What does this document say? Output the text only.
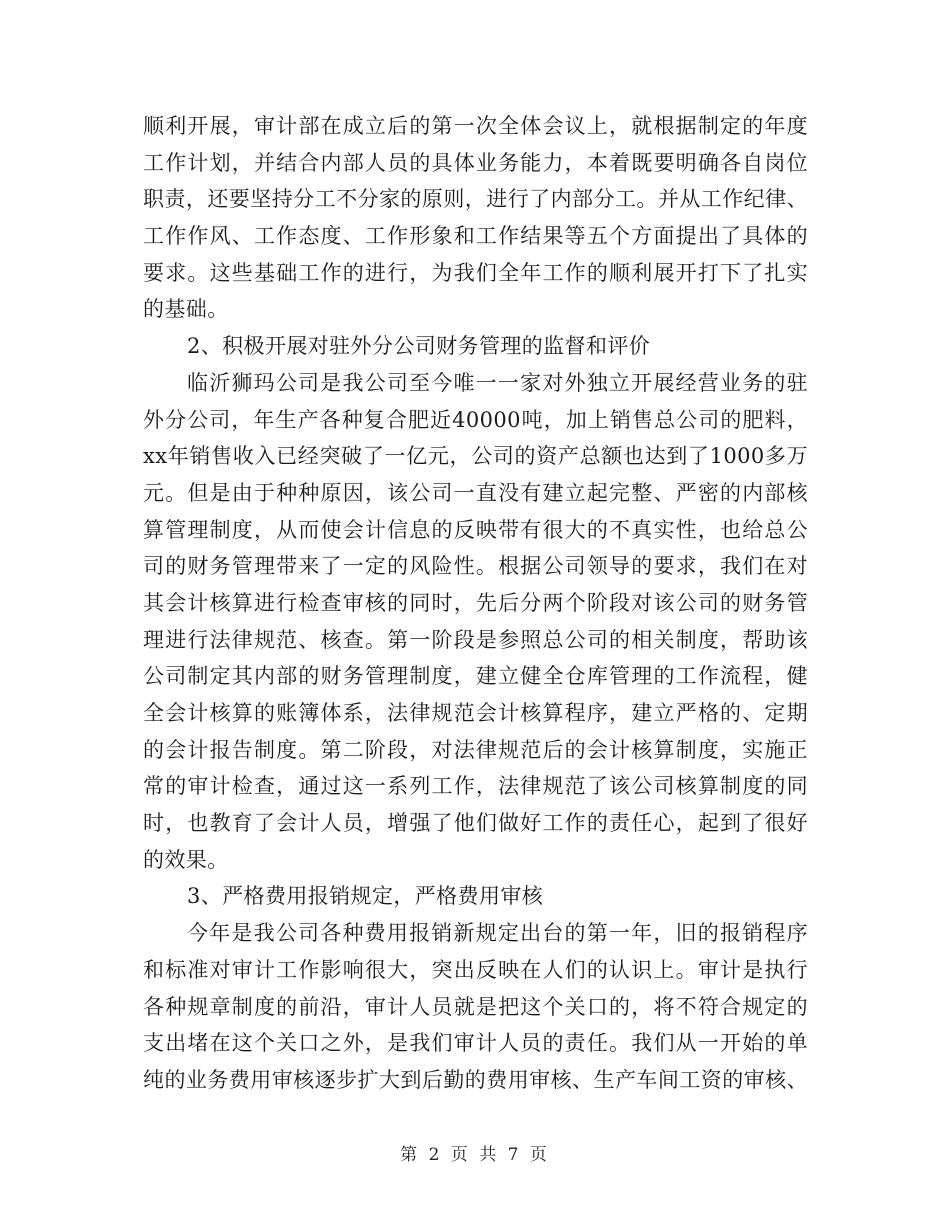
顺利开展，审计部在成立后的第一次全体会议上，就根据制定的年度
工作计划，并结合内部人员的具体业务能力，本着既要明确各自岗位
职责，还要坚持分工不分家的原则，进行了内部分工。并从工作纪律、
工作作风、工作态度、工作形象和工作结果等五个方面提出了具体的
要求。这些基础工作的进行，为我们全年工作的顺利展开打下了扎实
的基础。
2、积极开展对驻外分公司财务管理的监督和评价
临沂狮玛公司是我公司至今唯一一家对外独立开展经营业务的驻
外分公司，年生产各种复合肥近40000吨，加上销售总公司的肥料，
xx年销售收入已经突破了一亿元，公司的资产总额也达到了1000多万
元。但是由于种种原因，该公司一直没有建立起完整、严密的内部核
算管理制度，从而使会计信息的反映带有很大的不真实性，也给总公
司的财务管理带来了一定的风险性。根据公司领导的要求，我们在对
其会计核算进行检查审核的同时，先后分两个阶段对该公司的财务管
理进行法律规范、核查。第一阶段是参照总公司的相关制度，帮助该
公司制定其内部的财务管理制度，建立健全仓库管理的工作流程，健
全会计核算的账簿体系，法律规范会计核算程序，建立严格的、定期
的会计报告制度。第二阶段，对法律规范后的会计核算制度，实施正
常的审计检查，通过这一系列工作，法律规范了该公司核算制度的同
时，也教育了会计人员，增强了他们做好工作的责任心，起到了很好
的效果。
3、严格费用报销规定，严格费用审核
今年是我公司各种费用报销新规定出台的第一年，旧的报销程序
和标准对审计工作影响很大，突出反映在人们的认识上。审计是执行
各种规章制度的前沿，审计人员就是把这个关口的，将不符合规定的
支出堵在这个关口之外，是我们审计人员的责任。我们从一开始的单
纯的业务费用审核逐步扩大到后勤的费用审核、生产车间工资的审核、
第 2 页 共 7 页
